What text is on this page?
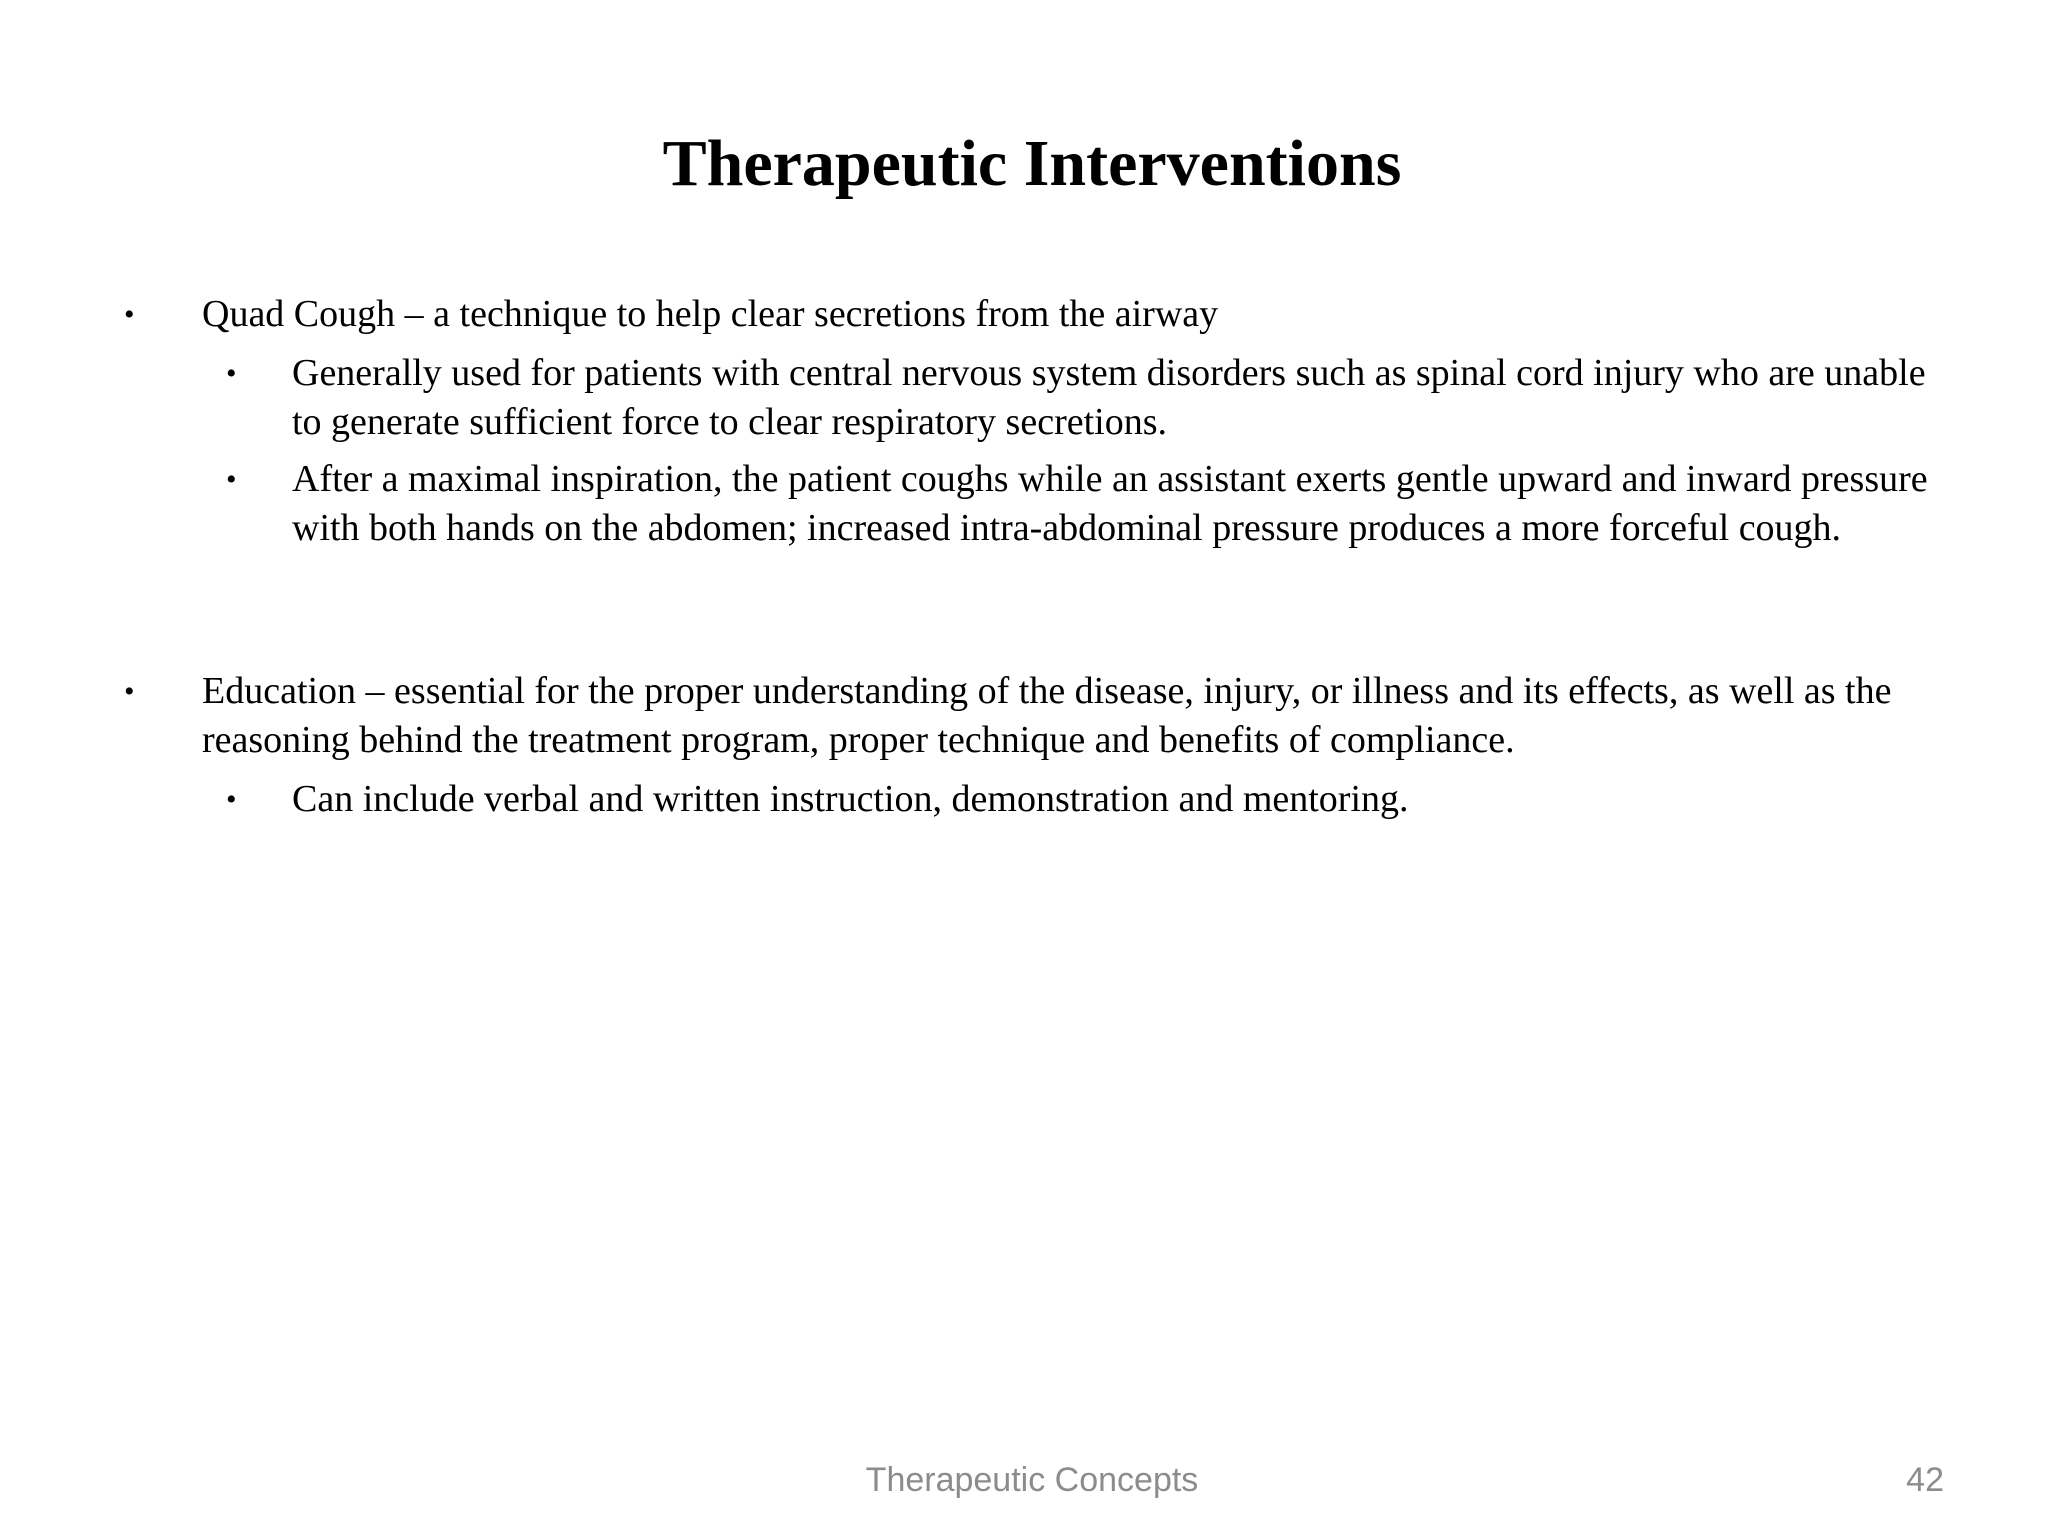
Therapeutic Interventions
• Quad Cough – a technique to help clear secretions from the airway
• Generally used for patients with central nervous system disorders such as spinal cord injury who are unable to generate sufficient force to clear respiratory secretions.
• After a maximal inspiration, the patient coughs while an assistant exerts gentle upward and inward pressure with both hands on the abdomen; increased intra-abdominal pressure produces a more forceful cough.
• Education – essential for the proper understanding of the disease, injury, or illness and its effects, as well as the reasoning behind the treatment program, proper technique and benefits of compliance.
• Can include verbal and written instruction, demonstration and mentoring.
Therapeutic Concepts	42
